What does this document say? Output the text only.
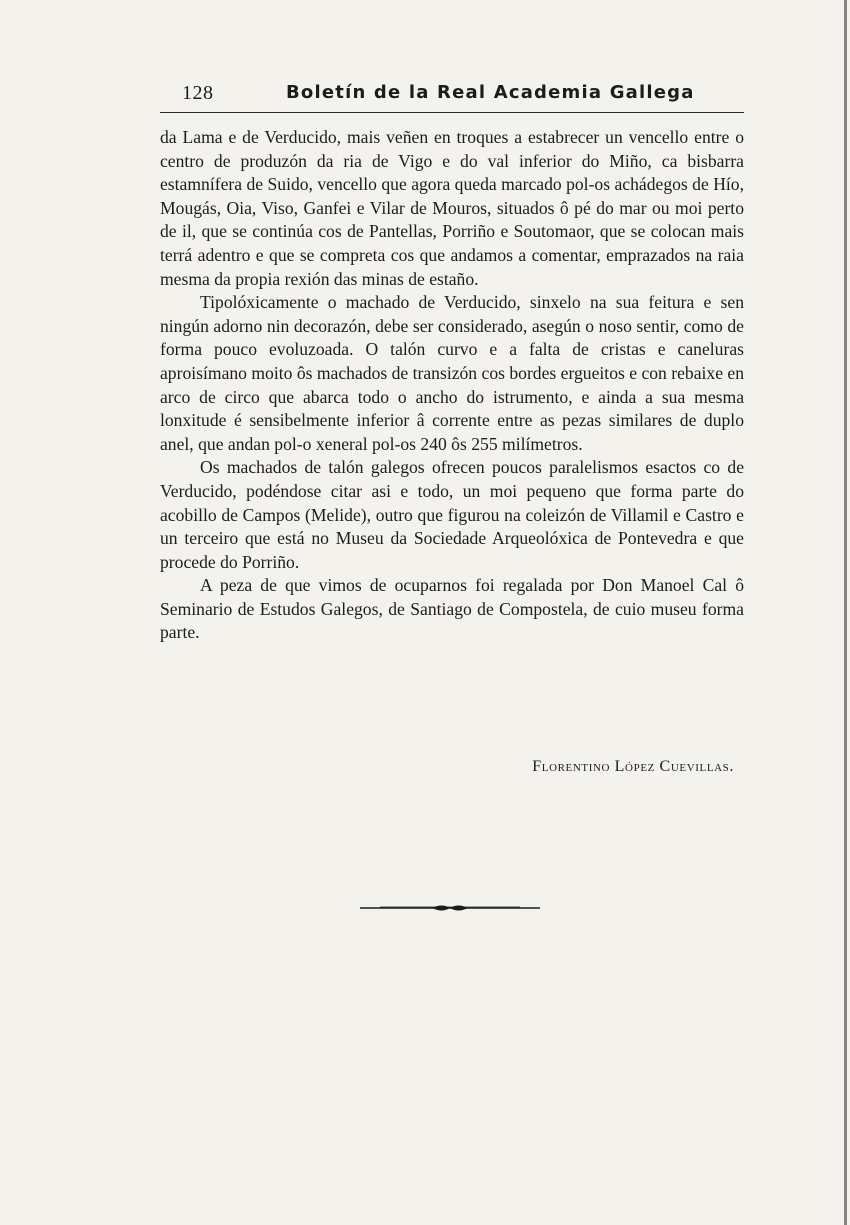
128	Boletín de la Real Academia Gallega

da Lama e de Verducido, mais veñen en troques a estabrecer un vencello entre o centro de produzón da ria de Vigo e do val inferior do Miño, ca bisbarra estamnífera de Suido, vencello que agora queda marcado pol-os achádegos de Hío, Mougás, Oia, Viso, Ganfei e Vilar de Mouros, situados ô pé do mar ou moi perto de il, que se continúa cos de Pantellas, Porriño e Soutomaor, que se colocan mais terrá adentro e que se compreta cos que andamos a comentar, emprazados na raia mesma da propia rexión das minas de estaño.

Tipolóxicamente o machado de Verducido, sinxelo na sua feitura e sen ningún adorno nin decorazón, debe ser considerado, asegún o noso sentir, como de forma pouco evoluzoada. O talón curvo e a falta de cristas e caneluras aproisímano moito ôs machados de transizón cos bordes ergueitos e con rebaixe en arco de circo que abarca todo o ancho do istrumento, e ainda a sua mesma lonxitude é sensibelmente inferior â corrente entre as pezas similares de duplo anel, que andan pol-o xeneral pol-os 240 ôs 255 milímetros.

Os machados de talón galegos ofrecen poucos paralelismos esactos co de Verducido, podéndose citar asi e todo, un moi pequeno que forma parte do acobillo de Campos (Melide), outro que figurou na coleizón de Villamil e Castro e un terceiro que está no Museu da Sociedade Arqueolóxica de Pontevedra e que procede do Porriño.

A peza de que vimos de ocuparnos foi regalada por Don Manoel Cal ô Seminario de Estudos Galegos, de Santiago de Compostela, de cuio museu forma parte.

Florentino López Cuevillas.
